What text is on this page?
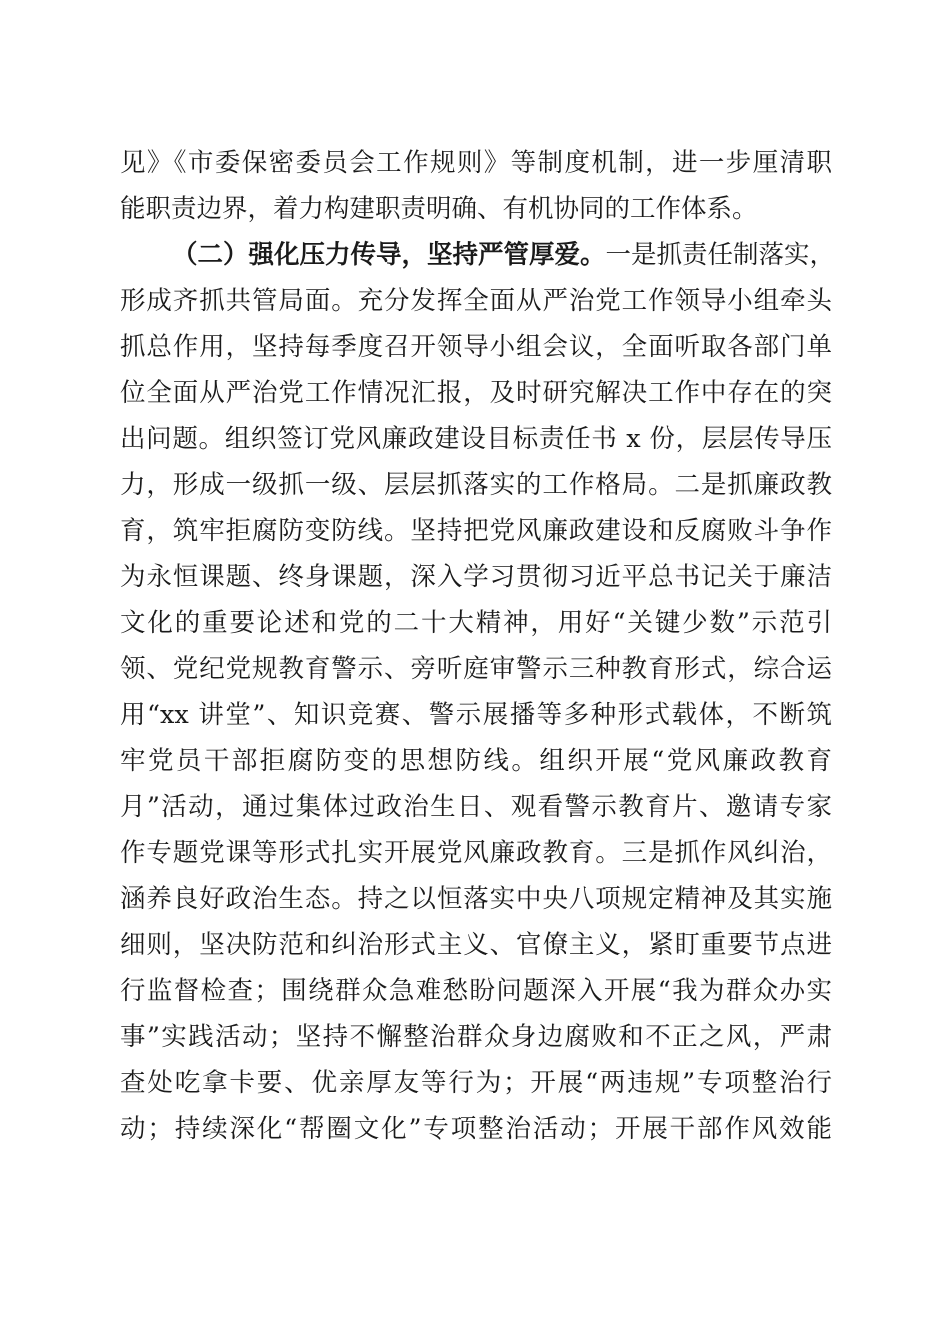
见》《市委保密委员会工作规则》等制度机制，进一步厘清职
能职责边界，着力构建职责明确、有机协同的工作体系。
（二）强化压力传导，坚持严管厚爱。一是抓责任制落实，
形成齐抓共管局面。充分发挥全面从严治党工作领导小组牵头
抓总作用，坚持每季度召开领导小组会议，全面听取各部门单
位全面从严治党工作情况汇报，及时研究解决工作中存在的突
出问题。组织签订党风廉政建设目标责任书 x 份，层层传导压
力，形成一级抓一级、层层抓落实的工作格局。二是抓廉政教
育，筑牢拒腐防变防线。坚持把党风廉政建设和反腐败斗争作
为永恒课题、终身课题，深入学习贯彻习近平总书记关于廉洁
文化的重要论述和党的二十大精神，用好“关键少数”示范引
领、党纪党规教育警示、旁听庭审警示三种教育形式，综合运
用“xx 讲堂”、知识竞赛、警示展播等多种形式载体，不断筑
牢党员干部拒腐防变的思想防线。组织开展“党风廉政教育
月”活动，通过集体过政治生日、观看警示教育片、邀请专家
作专题党课等形式扎实开展党风廉政教育。三是抓作风纠治，
涵养良好政治生态。持之以恒落实中央八项规定精神及其实施
细则，坚决防范和纠治形式主义、官僚主义，紧盯重要节点进
行监督检查；围绕群众急难愁盼问题深入开展“我为群众办实
事”实践活动；坚持不懈整治群众身边腐败和不正之风，严肃
查处吃拿卡要、优亲厚友等行为；开展“两违规”专项整治行
动；持续深化“帮圈文化”专项整治活动；开展干部作风效能
